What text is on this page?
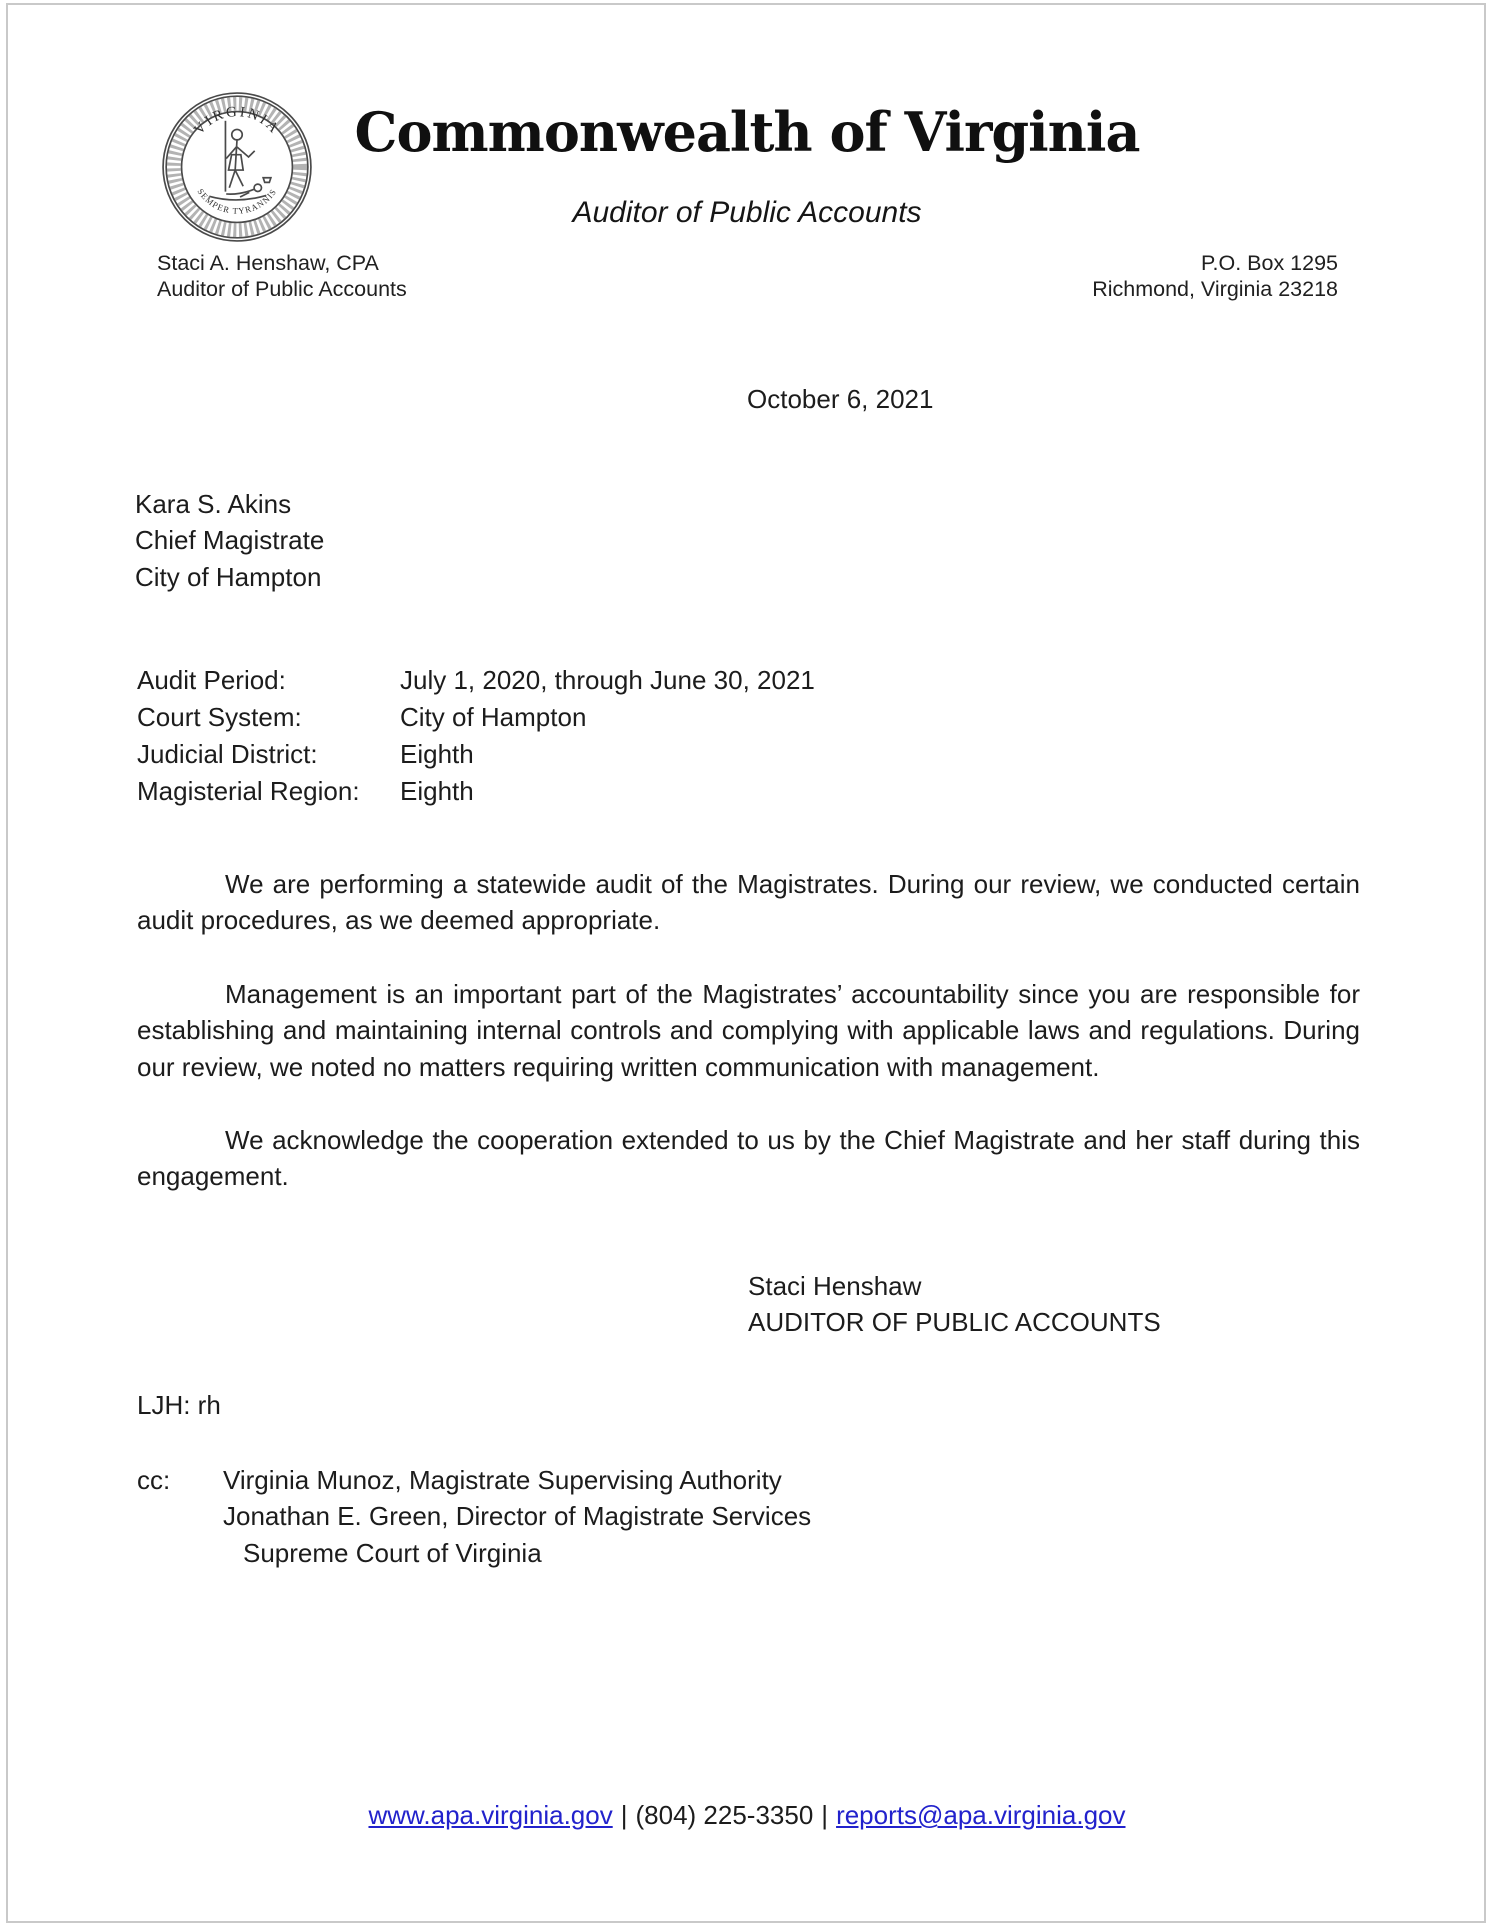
VIRGINIA
SEMPER TYRANNIS
Commonwealth of Virginia
Auditor of Public Accounts
Staci A. Henshaw, CPA
Auditor of Public Accounts
P.O. Box 1295
Richmond, Virginia 23218
October 6, 2021
Kara S. Akins
Chief Magistrate
City of Hampton
Audit Period:	July 1, 2020, through June 30, 2021
Court System:	City of Hampton
Judicial District:	Eighth
Magisterial Region:	Eighth

We are performing a statewide audit of the Magistrates. During our review, we conducted certain audit procedures, as we deemed appropriate.

Management is an important part of the Magistrates’ accountability since you are responsible for establishing and maintaining internal controls and complying with applicable laws and regulations. During our review, we noted no matters requiring written communication with management.

We acknowledge the cooperation extended to us by the Chief Magistrate and her staff during this engagement.

Staci Henshaw
AUDITOR OF PUBLIC ACCOUNTS
LJH: rh
cc:	Virginia Munoz, Magistrate Supervising Authority
Jonathan E. Green, Director of Magistrate Services
Supreme Court of Virginia
www.apa.virginia.gov | (804) 225-3350 | reports@apa.virginia.gov
